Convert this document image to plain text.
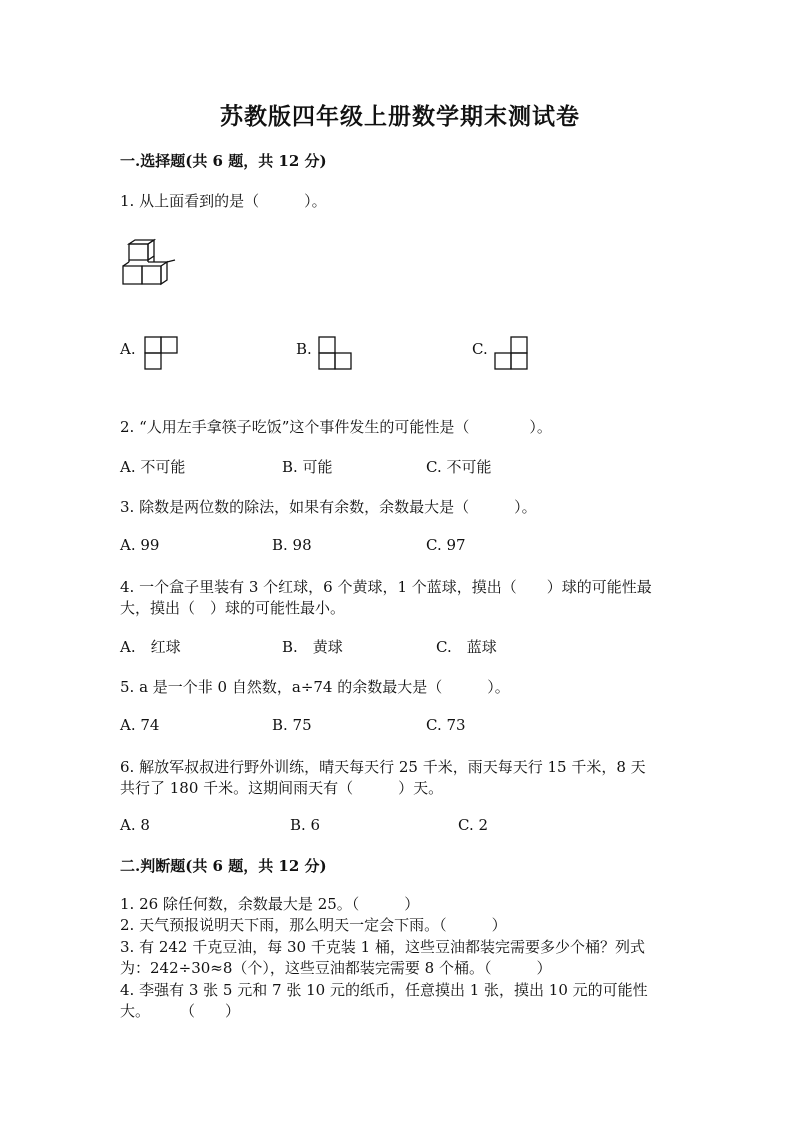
苏教版四年级上册数学期末测试卷
一.选择题(共 6 题，共 12 分)
1. 从上面看到的是（　　　）。
A.	B.	C.
2. “人用左手拿筷子吃饭”这个事件发生的可能性是（　　　　）。
A. 不可能	B. 可能	C. 不可能
3. 除数是两位数的除法，如果有余数，余数最大是（　　　）。
A. 99	B. 98	C. 97
4. 一个盒子里装有 3 个红球，6 个黄球，1 个蓝球，摸出（　　）球的可能性最
大，摸出（　）球的可能性最小。
A.　红球	B.　黄球	C.　蓝球
5. a 是一个非 0 自然数，a÷74 的余数最大是（　　　）。
A. 74	B. 75	C. 73
6. 解放军叔叔进行野外训练，晴天每天行 25 千米，雨天每天行 15 千米，8 天
共行了 180 千米。这期间雨天有（　　　）天。
A. 8	B. 6	C. 2
二.判断题(共 6 题，共 12 分)
1. 26 除任何数，余数最大是 25。（　　　）
2. 天气预报说明天下雨，那么明天一定会下雨。（　　　）
3. 有 242 千克豆油，每 30 千克装 1 桶，这些豆油都装完需要多少个桶？列式
为：242÷30≈8（个），这些豆油都装完需要 8 个桶。（　　　）
4. 李强有 3 张 5 元和 7 张 10 元的纸币，任意摸出 1 张，摸出 10 元的可能性
大。　　　（　　）
